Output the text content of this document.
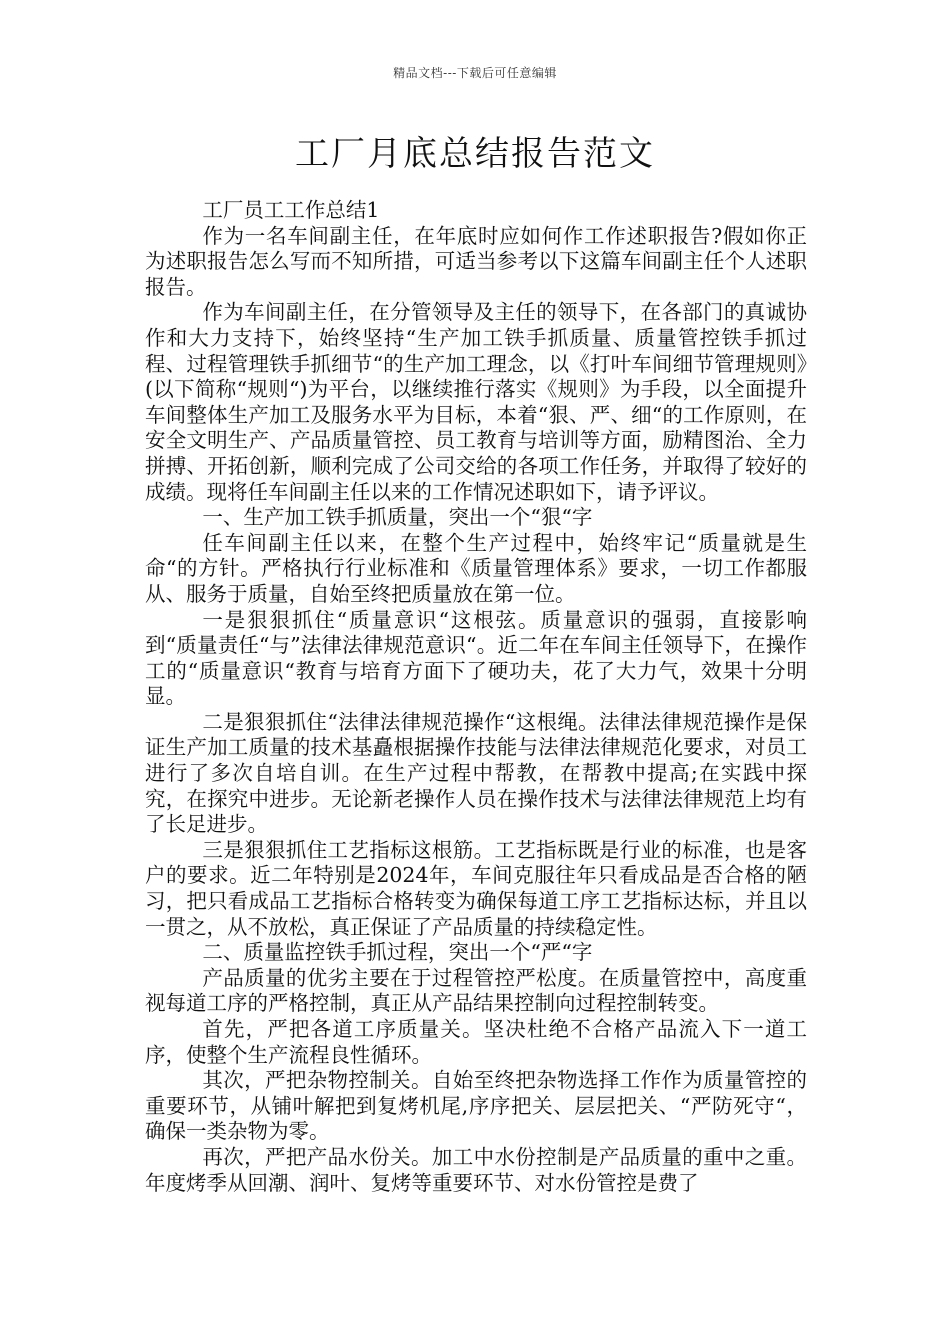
精品文档---下载后可任意编辑
工厂月底总结报告范文

工厂员工工作总结1

作为一名车间副主任，在年底时应如何作工作述职报告?假如你正为述职报告怎么写而不知所措，可适当参考以下这篇车间副主任个人述职报告。

作为车间副主任，在分管领导及主任的领导下，在各部门的真诚协作和大力支持下，始终坚持“生产加工铁手抓质量、质量管控铁手抓过程、过程管理铁手抓细节“的生产加工理念，以《打叶车间细节管理规则》(以下简称“规则“)为平台，以继续推行落实《规则》为手段，以全面提升车间整体生产加工及服务水平为目标，本着“狠、严、细“的工作原则，在安全文明生产、产品质量管控、员工教育与培训等方面，励精图治、全力拼搏、开拓创新，顺利完成了公司交给的各项工作任务，并取得了较好的成绩。现将任车间副主任以来的工作情况述职如下，请予评议。

一、生产加工铁手抓质量，突出一个“狠“字

任车间副主任以来，在整个生产过程中，始终牢记“质量就是生命“的方针。严格执行行业标准和《质量管理体系》要求，一切工作都服从、服务于质量，自始至终把质量放在第一位。

一是狠狠抓住“质量意识“这根弦。质量意识的强弱，直接影响到“质量责任“与”法律法律规范意识“。近二年在车间主任领导下，在操作工的“质量意识“教育与培育方面下了硬功夫，花了大力气，效果十分明显。

二是狠狠抓住“法律法律规范操作“这根绳。法律法律规范操作是保证生产加工质量的技术基矗根据操作技能与法律法律规范化要求，对员工进行了多次自培自训。在生产过程中帮教，在帮教中提高;在实践中探究，在探究中进步。无论新老操作人员在操作技术与法律法律规范上均有了长足进步。

三是狠狠抓住工艺指标这根筋。工艺指标既是行业的标准，也是客户的要求。近二年特别是2024年，车间克服往年只看成品是否合格的陋习，把只看成品工艺指标合格转变为确保每道工序工艺指标达标，并且以一贯之，从不放松，真正保证了产品质量的持续稳定性。

二、质量监控铁手抓过程，突出一个“严“字

产品质量的优劣主要在于过程管控严松度。在质量管控中，高度重视每道工序的严格控制，真正从产品结果控制向过程控制转变。

首先，严把各道工序质量关。坚决杜绝不合格产品流入下一道工序，使整个生产流程良性循环。

其次，严把杂物控制关。自始至终把杂物选择工作作为质量管控的重要环节，从铺叶解把到复烤机尾,序序把关、层层把关、“严防死守“，确保一类杂物为零。

再次，严把产品水份关。加工中水份控制是产品质量的重中之重。年度烤季从回潮、润叶、复烤等重要环节、对水份管控是费了
